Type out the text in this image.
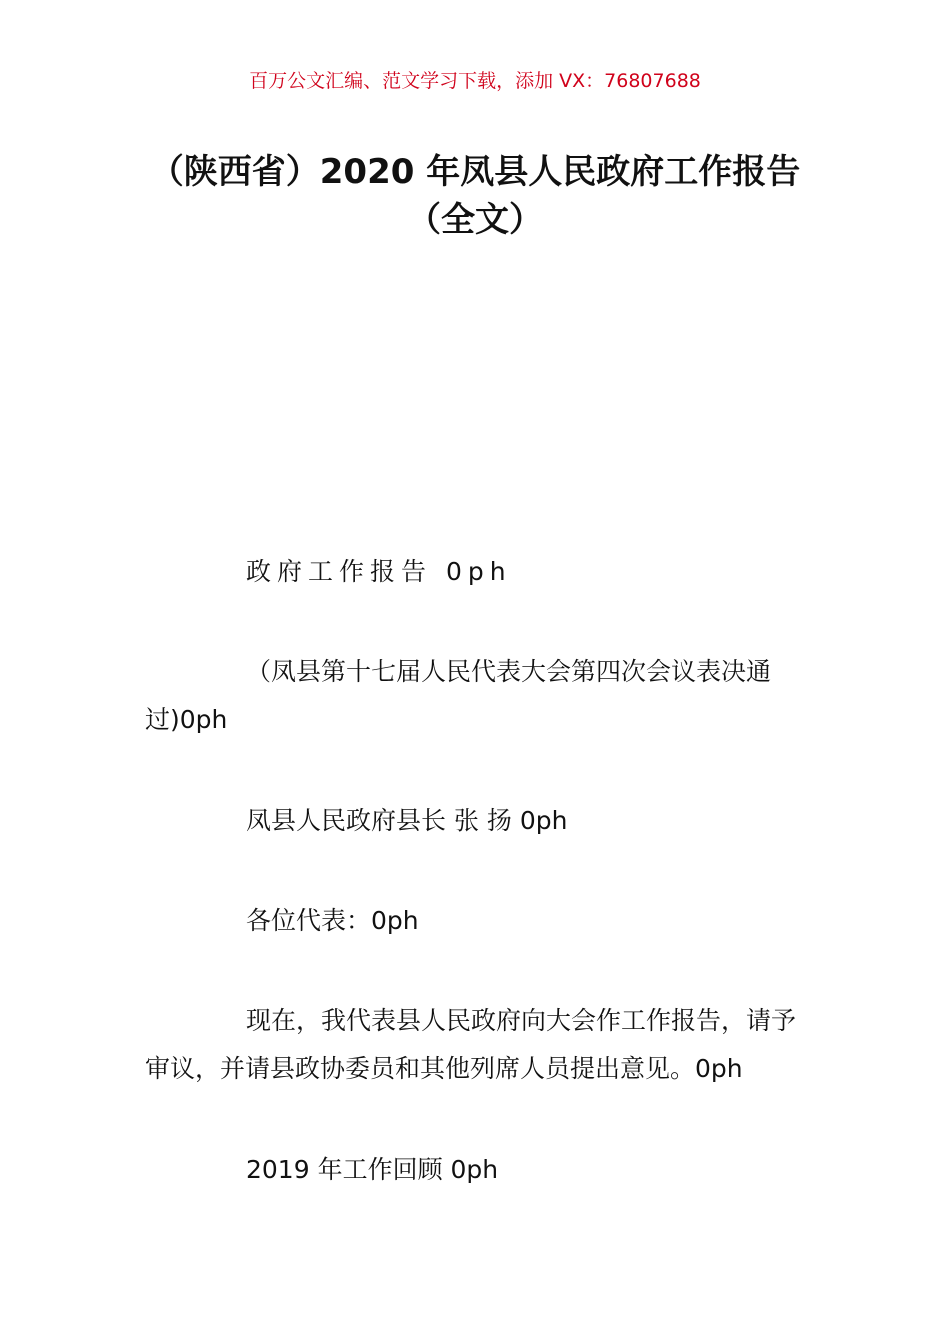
百万公文汇编、范文学习下载，添加 VX：76807688
（陕西省）2020 年凤县人民政府工作报告
（全文）

政府工作报告 0ph

（凤县第十七届人民代表大会第四次会议表决通过)0ph

凤县人民政府县长 张 扬 0ph

各位代表：0ph

现在，我代表县人民政府向大会作工作报告，请予审议，并请县政协委员和其他列席人员提出意见。0ph

2019 年工作回顾 0ph
